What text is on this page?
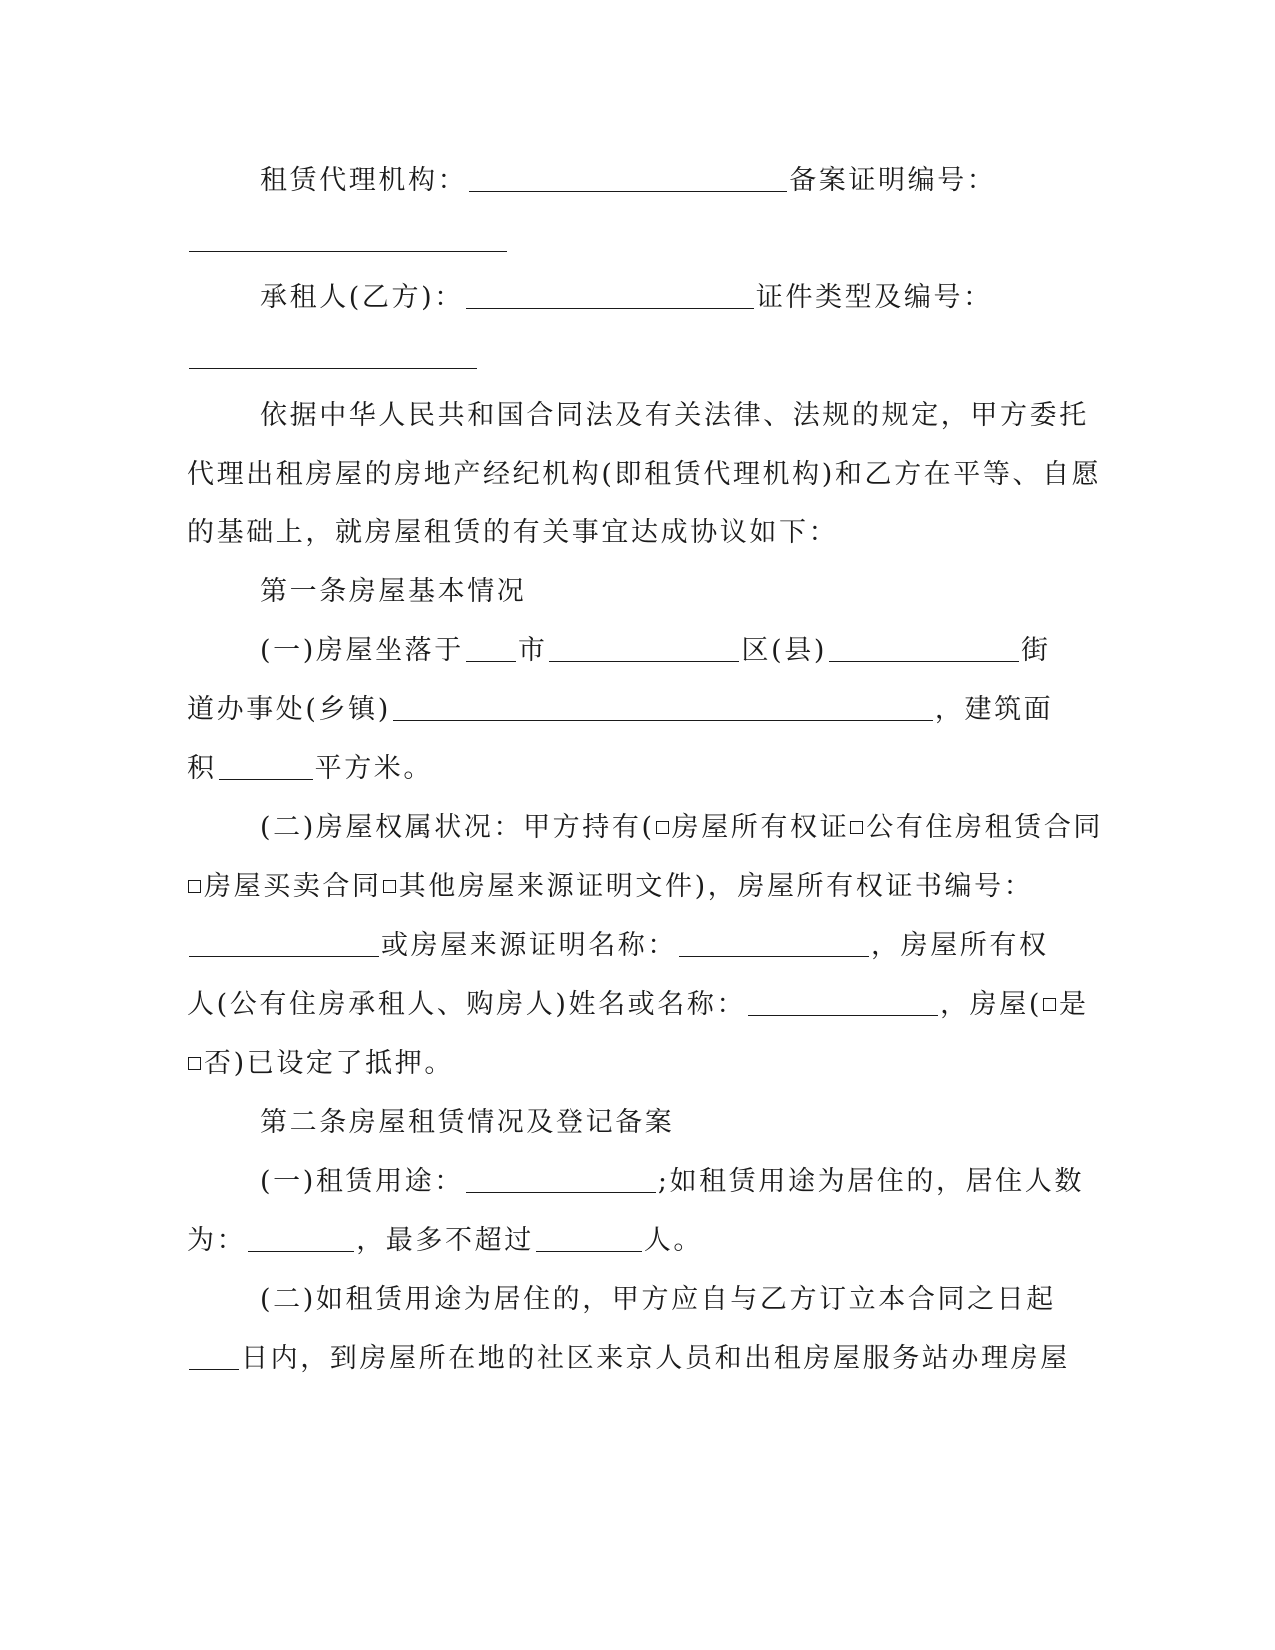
租赁代理机构：	备案证明编号：
承租人(乙方)：	证件类型及编号：
依据中华人民共和国合同法及有关法律、法规的规定，甲方委托
代理出租房屋的房地产经纪机构(即租赁代理机构)和乙方在平等、自愿
的基础上，就房屋租赁的有关事宜达成协议如下：
第一条房屋基本情况
(一)房屋坐落于 市	区(县)	街
道办事处(乡镇)	，建筑面
积	平方米。
(二)房屋权属状况：甲方持有( 房屋所有权证 公有住房租赁合同
房屋买卖合同 其他房屋来源证明文件)，房屋所有权证书编号：
或房屋来源证明名称：	，房屋所有权
人(公有住房承租人、购房人)姓名或名称：	，房屋( 是
否)已设定了抵押。
第二条房屋租赁情况及登记备案
(一)租赁用途：	;如租赁用途为居住的，居住人数
为：	，最多不超过	人。
(二)如租赁用途为居住的，甲方应自与乙方订立本合同之日起
日内，到房屋所在地的社区来京人员和出租房屋服务站办理房屋
